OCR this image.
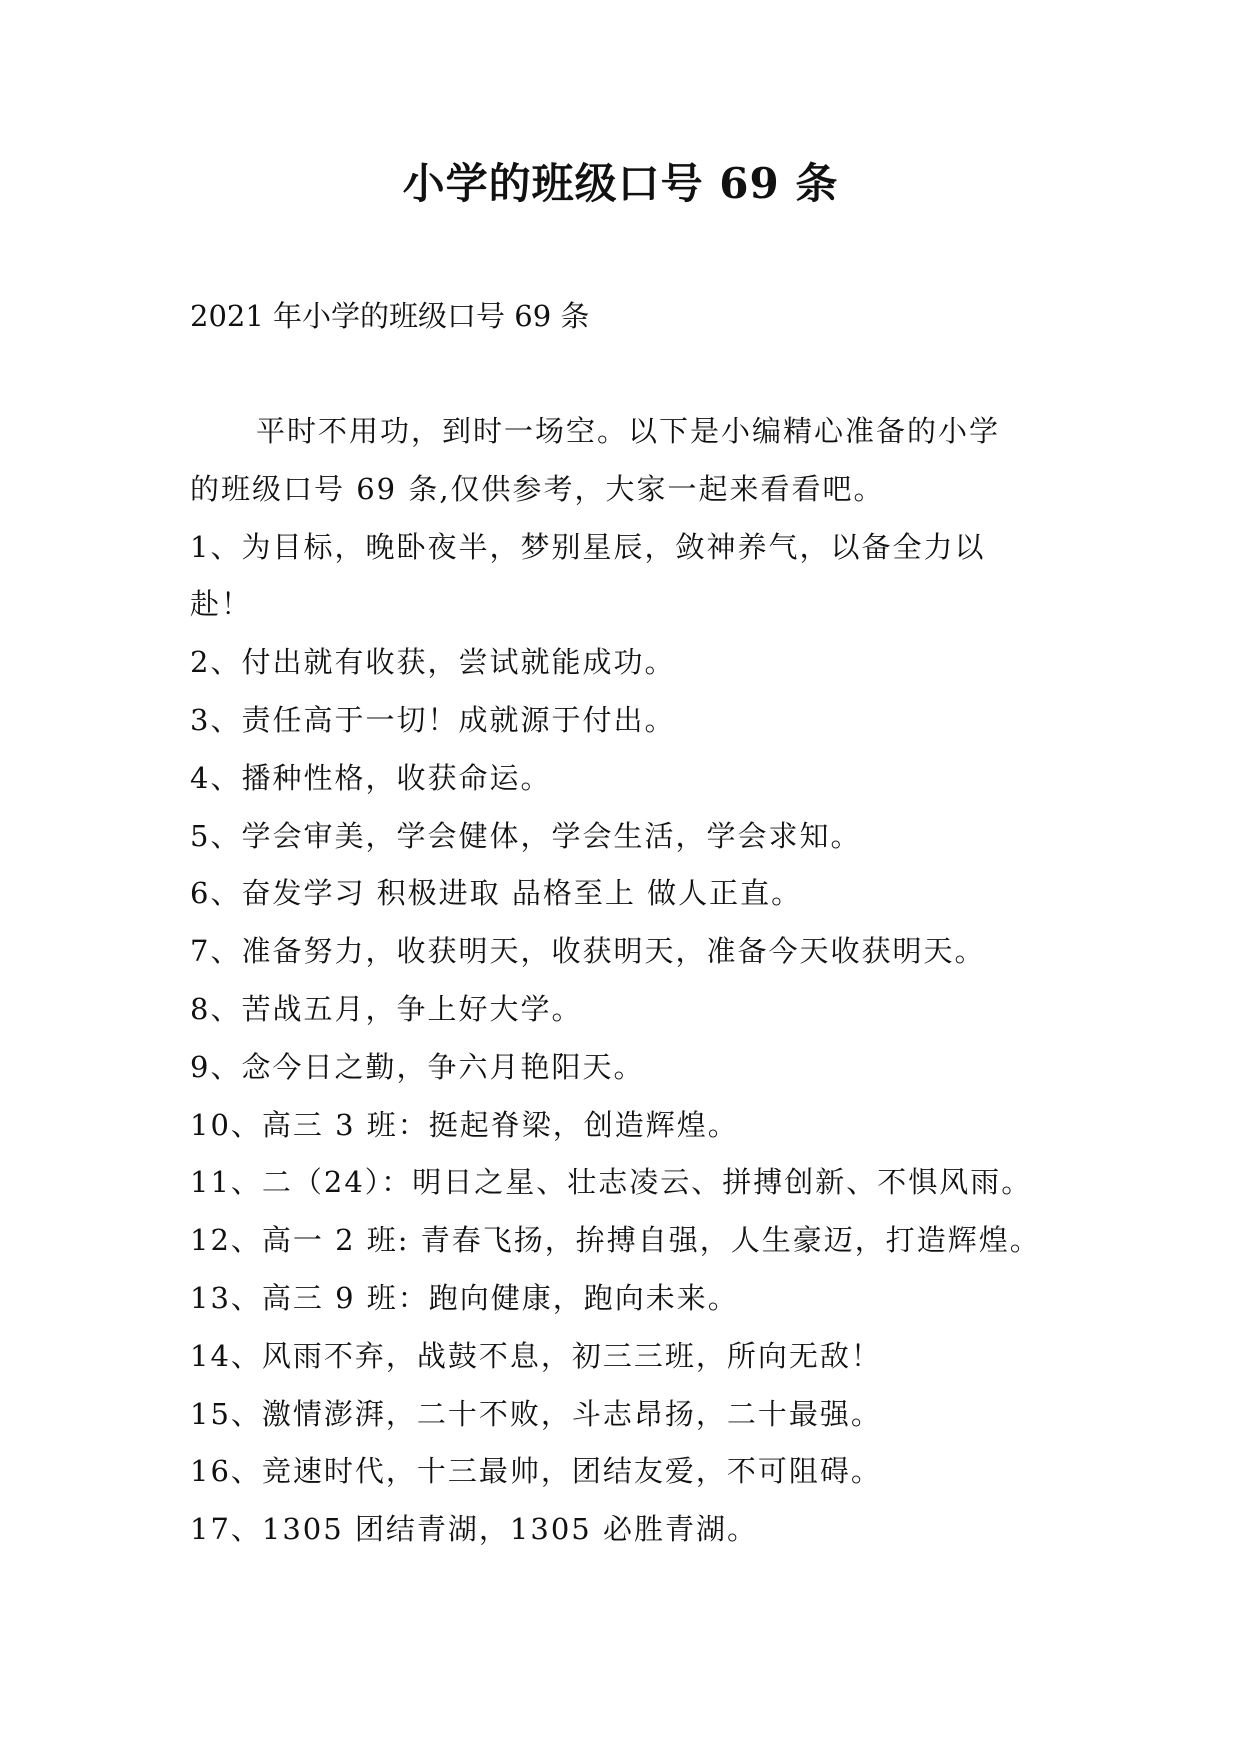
小学的班级口号 69 条
2021 年小学的班级口号 69 条
平时不用功，到时一场空。以下是小编精心准备的小学
的班级口号 69 条,仅供参考，大家一起来看看吧。
1、为目标，晚卧夜半，梦别星辰，敛神养气，以备全力以
赴！
2、付出就有收获，尝试就能成功。
3、责任高于一切！成就源于付出。
4、播种性格，收获命运。
5、学会审美，学会健体，学会生活，学会求知。
6、奋发学习 积极进取 品格至上 做人正直。
7、准备努力，收获明天，收获明天，准备今天收获明天。
8、苦战五月，争上好大学。
9、念今日之勤，争六月艳阳天。
10、高三 3 班：挺起脊梁，创造辉煌。
11、二（24）：明日之星、壮志凌云、拼搏创新、不惧风雨。
12、高一 2 班: 青春飞扬，拚搏自强，人生豪迈，打造辉煌。
13、高三 9 班：跑向健康，跑向未来。
14、风雨不弃，战鼓不息，初三三班，所向无敌！
15、激情澎湃，二十不败，斗志昂扬，二十最强。
16、竞速时代，十三最帅，团结友爱，不可阻碍。
17、1305 团结青湖，1305 必胜青湖。
